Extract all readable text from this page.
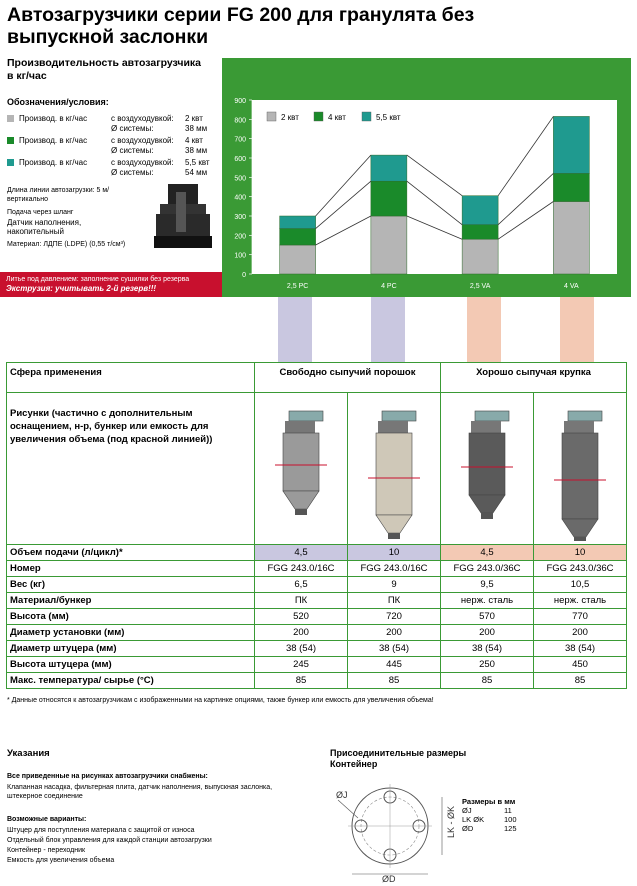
Автозагрузчики серии FG 200 для гранулята без выпускной заслонки
Производительность автозагрузчика в кг/час
Обозначения/условия:
Производ. в кг/час	с воздуходувкой: 2 квт
Ø системы:	38 мм
Производ. в кг/час	с воздуходувкой: 4 квт
Ø системы:	38 мм
Производ. в кг/час	с воздуходувкой: 5,5 квт
Ø системы:	54 мм
Длина линии автозагрузки: 5 м/ вертикально
Подача через шланг
Датчик наполнения, накопительный
Материал: ЛДПЕ (LDPE) (0,55 т/см³)
Литье под давлением: заполнение сушилки без резерва
Экструзия: учитывать 2-й резерв!!!
0
100
200
300
400
500
600
700
800
900
2,5 PC	4 PC	2,5 VA	4 VA
2 квт	4 квт	5,5 квт
Сфера применения	Свободно сыпучий порошок		Хорошо сыпучая крупка	
Рисунки (частично с дополнительным оснащением, н-р, бункер или емкость для увеличения объема (под красной линией))				
Объем подачи (л/цикл)*	4,5	10	4,5	10
Номер	FGG 243.0/16C	FGG 243.0/16C	FGG 243.0/36C	FGG 243.0/36C
Вес (кг)	6,5	9	9,5	10,5
Материал/бункер	ПК	ПК	нерж. сталь	нерж. сталь
Высота (мм)	520	720	570	770
Диаметр установки (мм)	200	200	200	200
Диаметр штуцера (мм)	38 (54)	38 (54)	38 (54)	38 (54)
Высота штуцера (мм)	245	445	250	450
Макс. температура/ сырье (°C)	85	85	85	85
* Данные относятся к автозагрузчикам с изображенными на картинке опциями, также бункер или емкость для увеличения объема!
Указания
Все приведенные на рисунках автозагрузчики снабжены:
Клапанная насадка, фильтерная плита, датчик наполнения, выпускная заслонка, штекерное соединение
Возможные варианты:
Штуцер для поступления материала с защитой от износа
Отдельный блок управления для каждой станции автозагрузки
Контейнер - переходник
Емкость для увеличения объема
Присоединительные размеры Контейнер
ØJ
ØD
LK - ØK
Размеры в мм
ØJ	11
LK ØK	100
ØD	125
